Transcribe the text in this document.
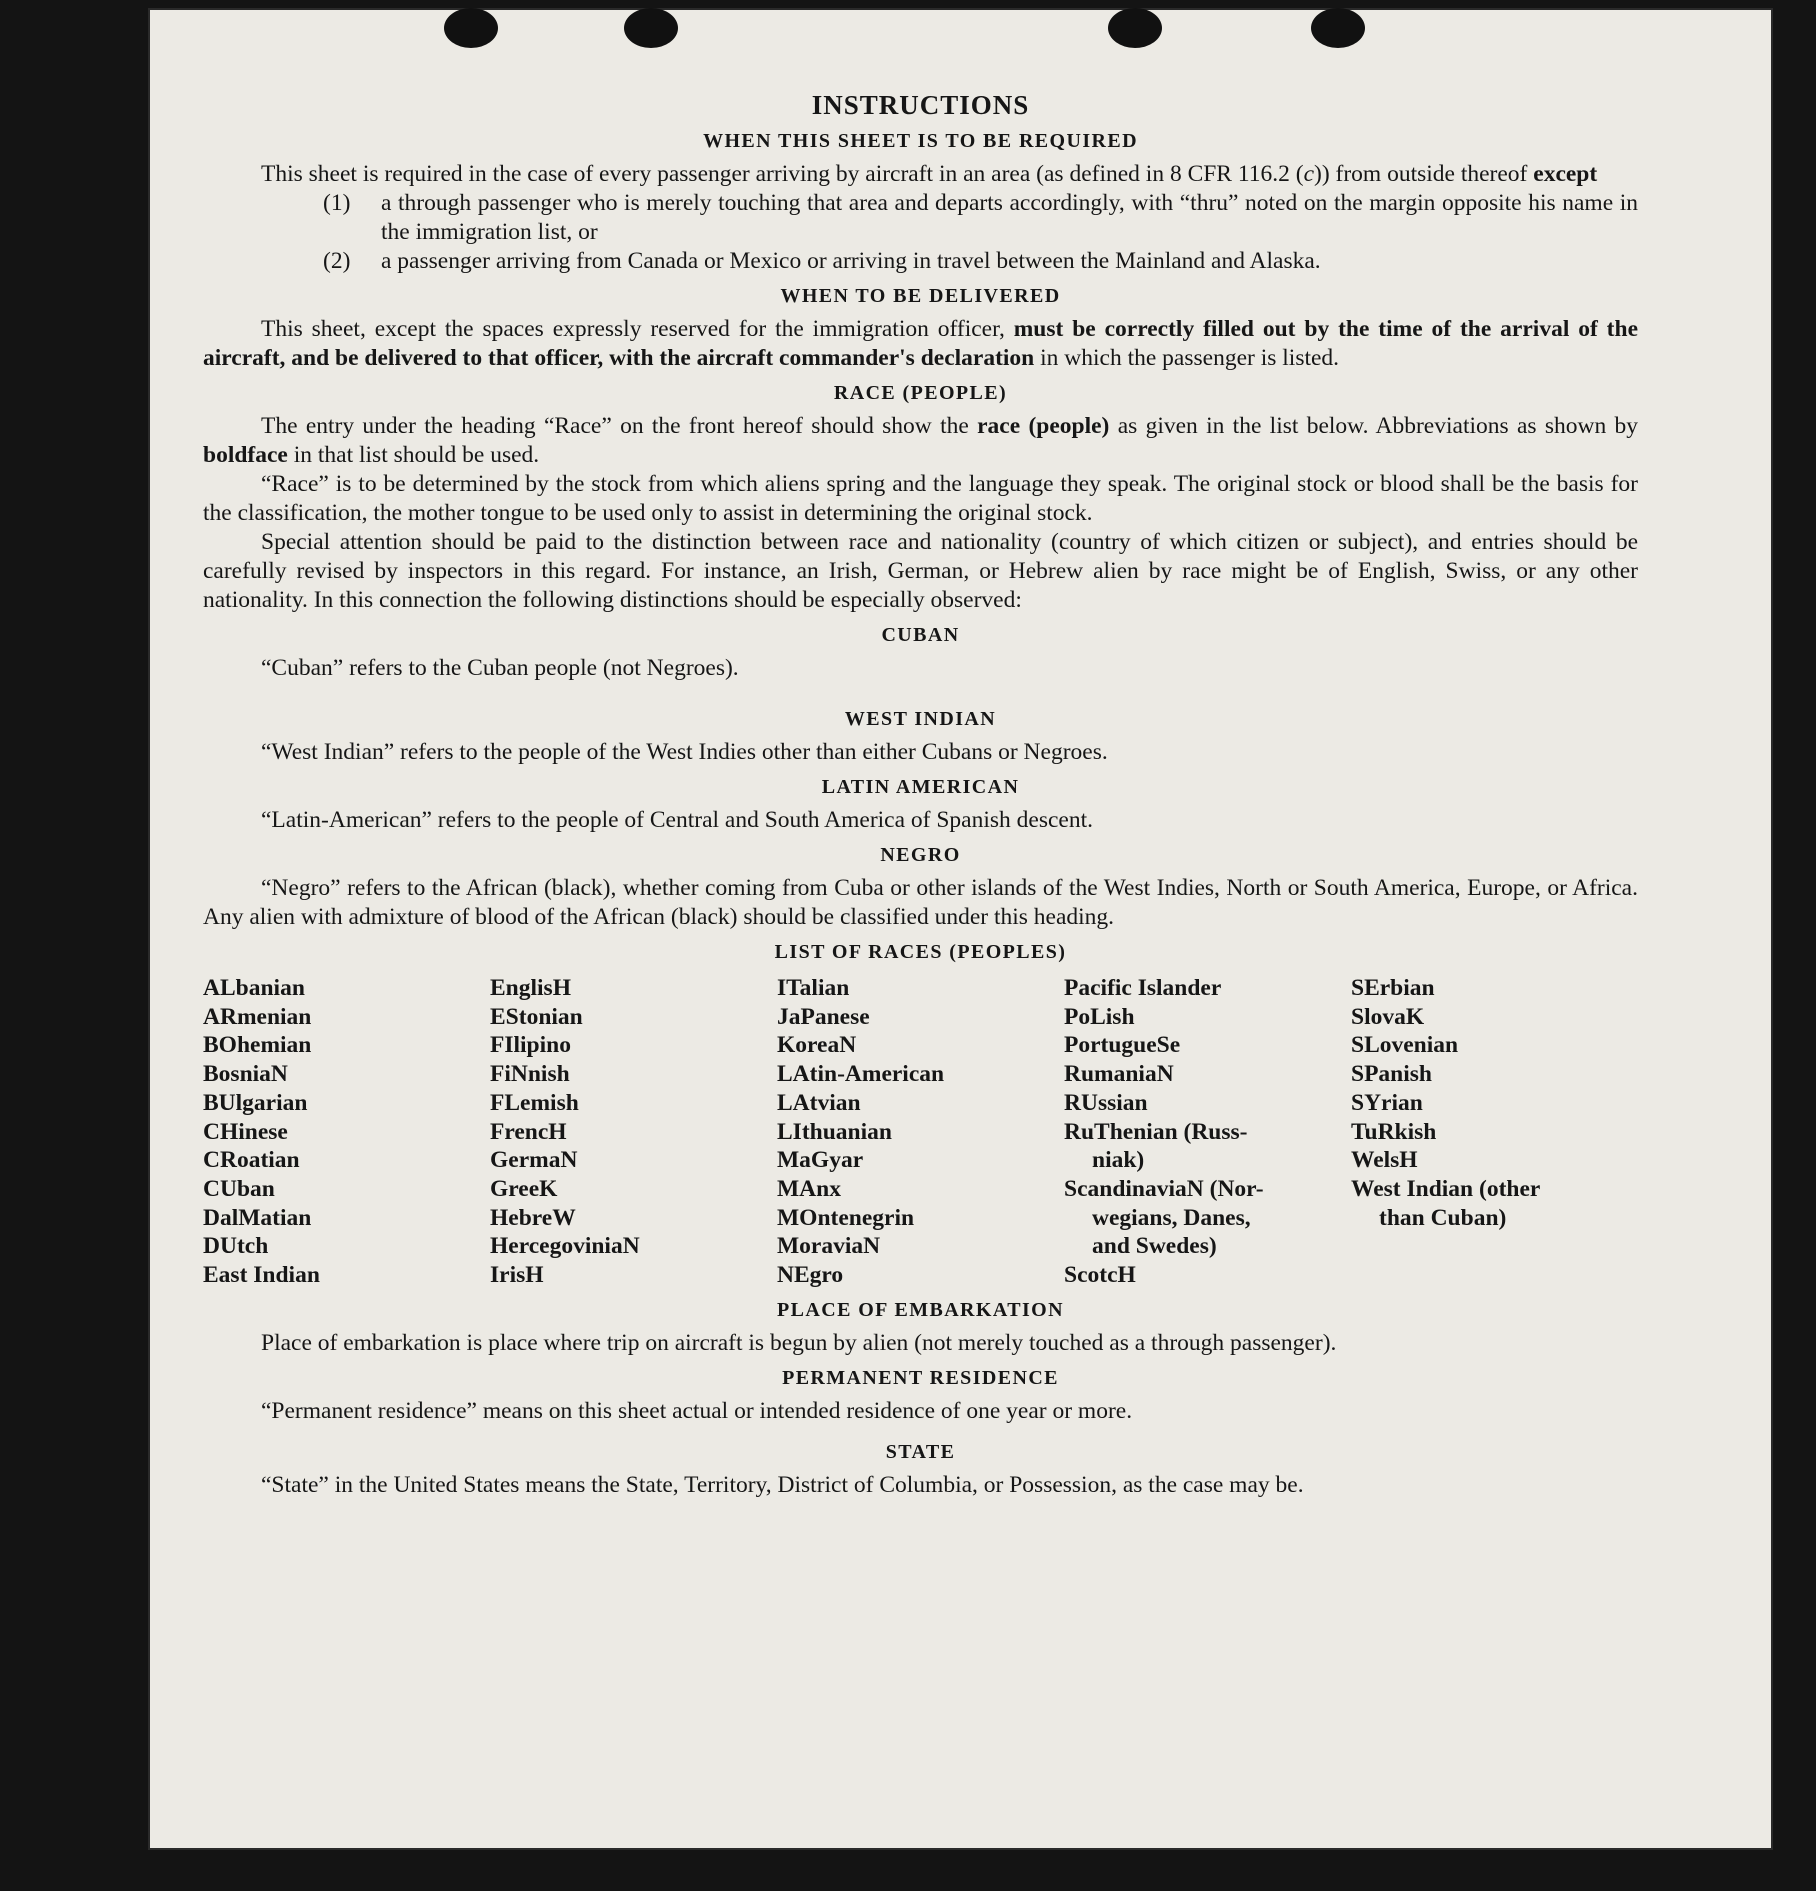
INSTRUCTIONS
WHEN THIS SHEET IS TO BE REQUIRED

This sheet is required in the case of every passenger arriving by aircraft in an area (as defined in 8 CFR 116.2 (c)) from outside thereof except

(1)	a through passenger who is merely touching that area and departs accordingly, with “thru” noted on the margin opposite his name in the immigration list, or
(2)	a passenger arriving from Canada or Mexico or arriving in travel between the Mainland and Alaska.
WHEN TO BE DELIVERED

This sheet, except the spaces expressly reserved for the immigration officer, must be correctly filled out by the time of the arrival of the aircraft, and be delivered to that officer, with the aircraft commander's declaration in which the passenger is listed.

RACE (PEOPLE)

The entry under the heading “Race” on the front hereof should show the race (people) as given in the list below. Abbreviations as shown by boldface in that list should be used.

“Race” is to be determined by the stock from which aliens spring and the language they speak. The original stock or blood shall be the basis for the classification, the mother tongue to be used only to assist in determining the original stock.

Special attention should be paid to the distinction between race and nationality (country of which citizen or subject), and entries should be carefully revised by inspectors in this regard. For instance, an Irish, German, or Hebrew alien by race might be of English, Swiss, or any other nationality. In this connection the following distinctions should be especially observed:

CUBAN

“Cuban” refers to the Cuban people (not Negroes).

WEST INDIAN

“West Indian” refers to the people of the West Indies other than either Cubans or Negroes.

LATIN AMERICAN

“Latin-American” refers to the people of Central and South America of Spanish descent.

NEGRO

“Negro” refers to the African (black), whether coming from Cuba or other islands of the West Indies, North or South America, Europe, or Africa. Any alien with admixture of blood of the African (black) should be classified under this heading.

LIST OF RACES (PEOPLES)
ALbanian
ARmenian
BOhemian
BosniaN
BUlgarian
CHinese
CRoatian
CUban
DalMatian
DUtch
East Indian
EnglisH
EStonian
FIlipino
FiNnish
FLemish
FrencH
GermaN
GreeK
HebreW
HercegoviniaN
IrisH
ITalian
JaPanese
KoreaN
LAtin-American
LAtvian
LIthuanian
MaGyar
MAnx
MOntenegrin
MoraviaN
NEgro
Pacific Islander
PoLish
PortugueSe
RumaniaN
RUssian
RuThenian (Russ-
niak)
ScandinaviaN (Nor-
wegians, Danes,
and Swedes)
ScotcH
SErbian
SlovaK
SLovenian
SPanish
SYrian
TuRkish
WelsH
West Indian (other
than Cuban)
PLACE OF EMBARKATION

Place of embarkation is place where trip on aircraft is begun by alien (not merely touched as a through passenger).

PERMANENT RESIDENCE

“Permanent residence” means on this sheet actual or intended residence of one year or more.

STATE

“State” in the United States means the State, Territory, District of Columbia, or Possession, as the case may be.
